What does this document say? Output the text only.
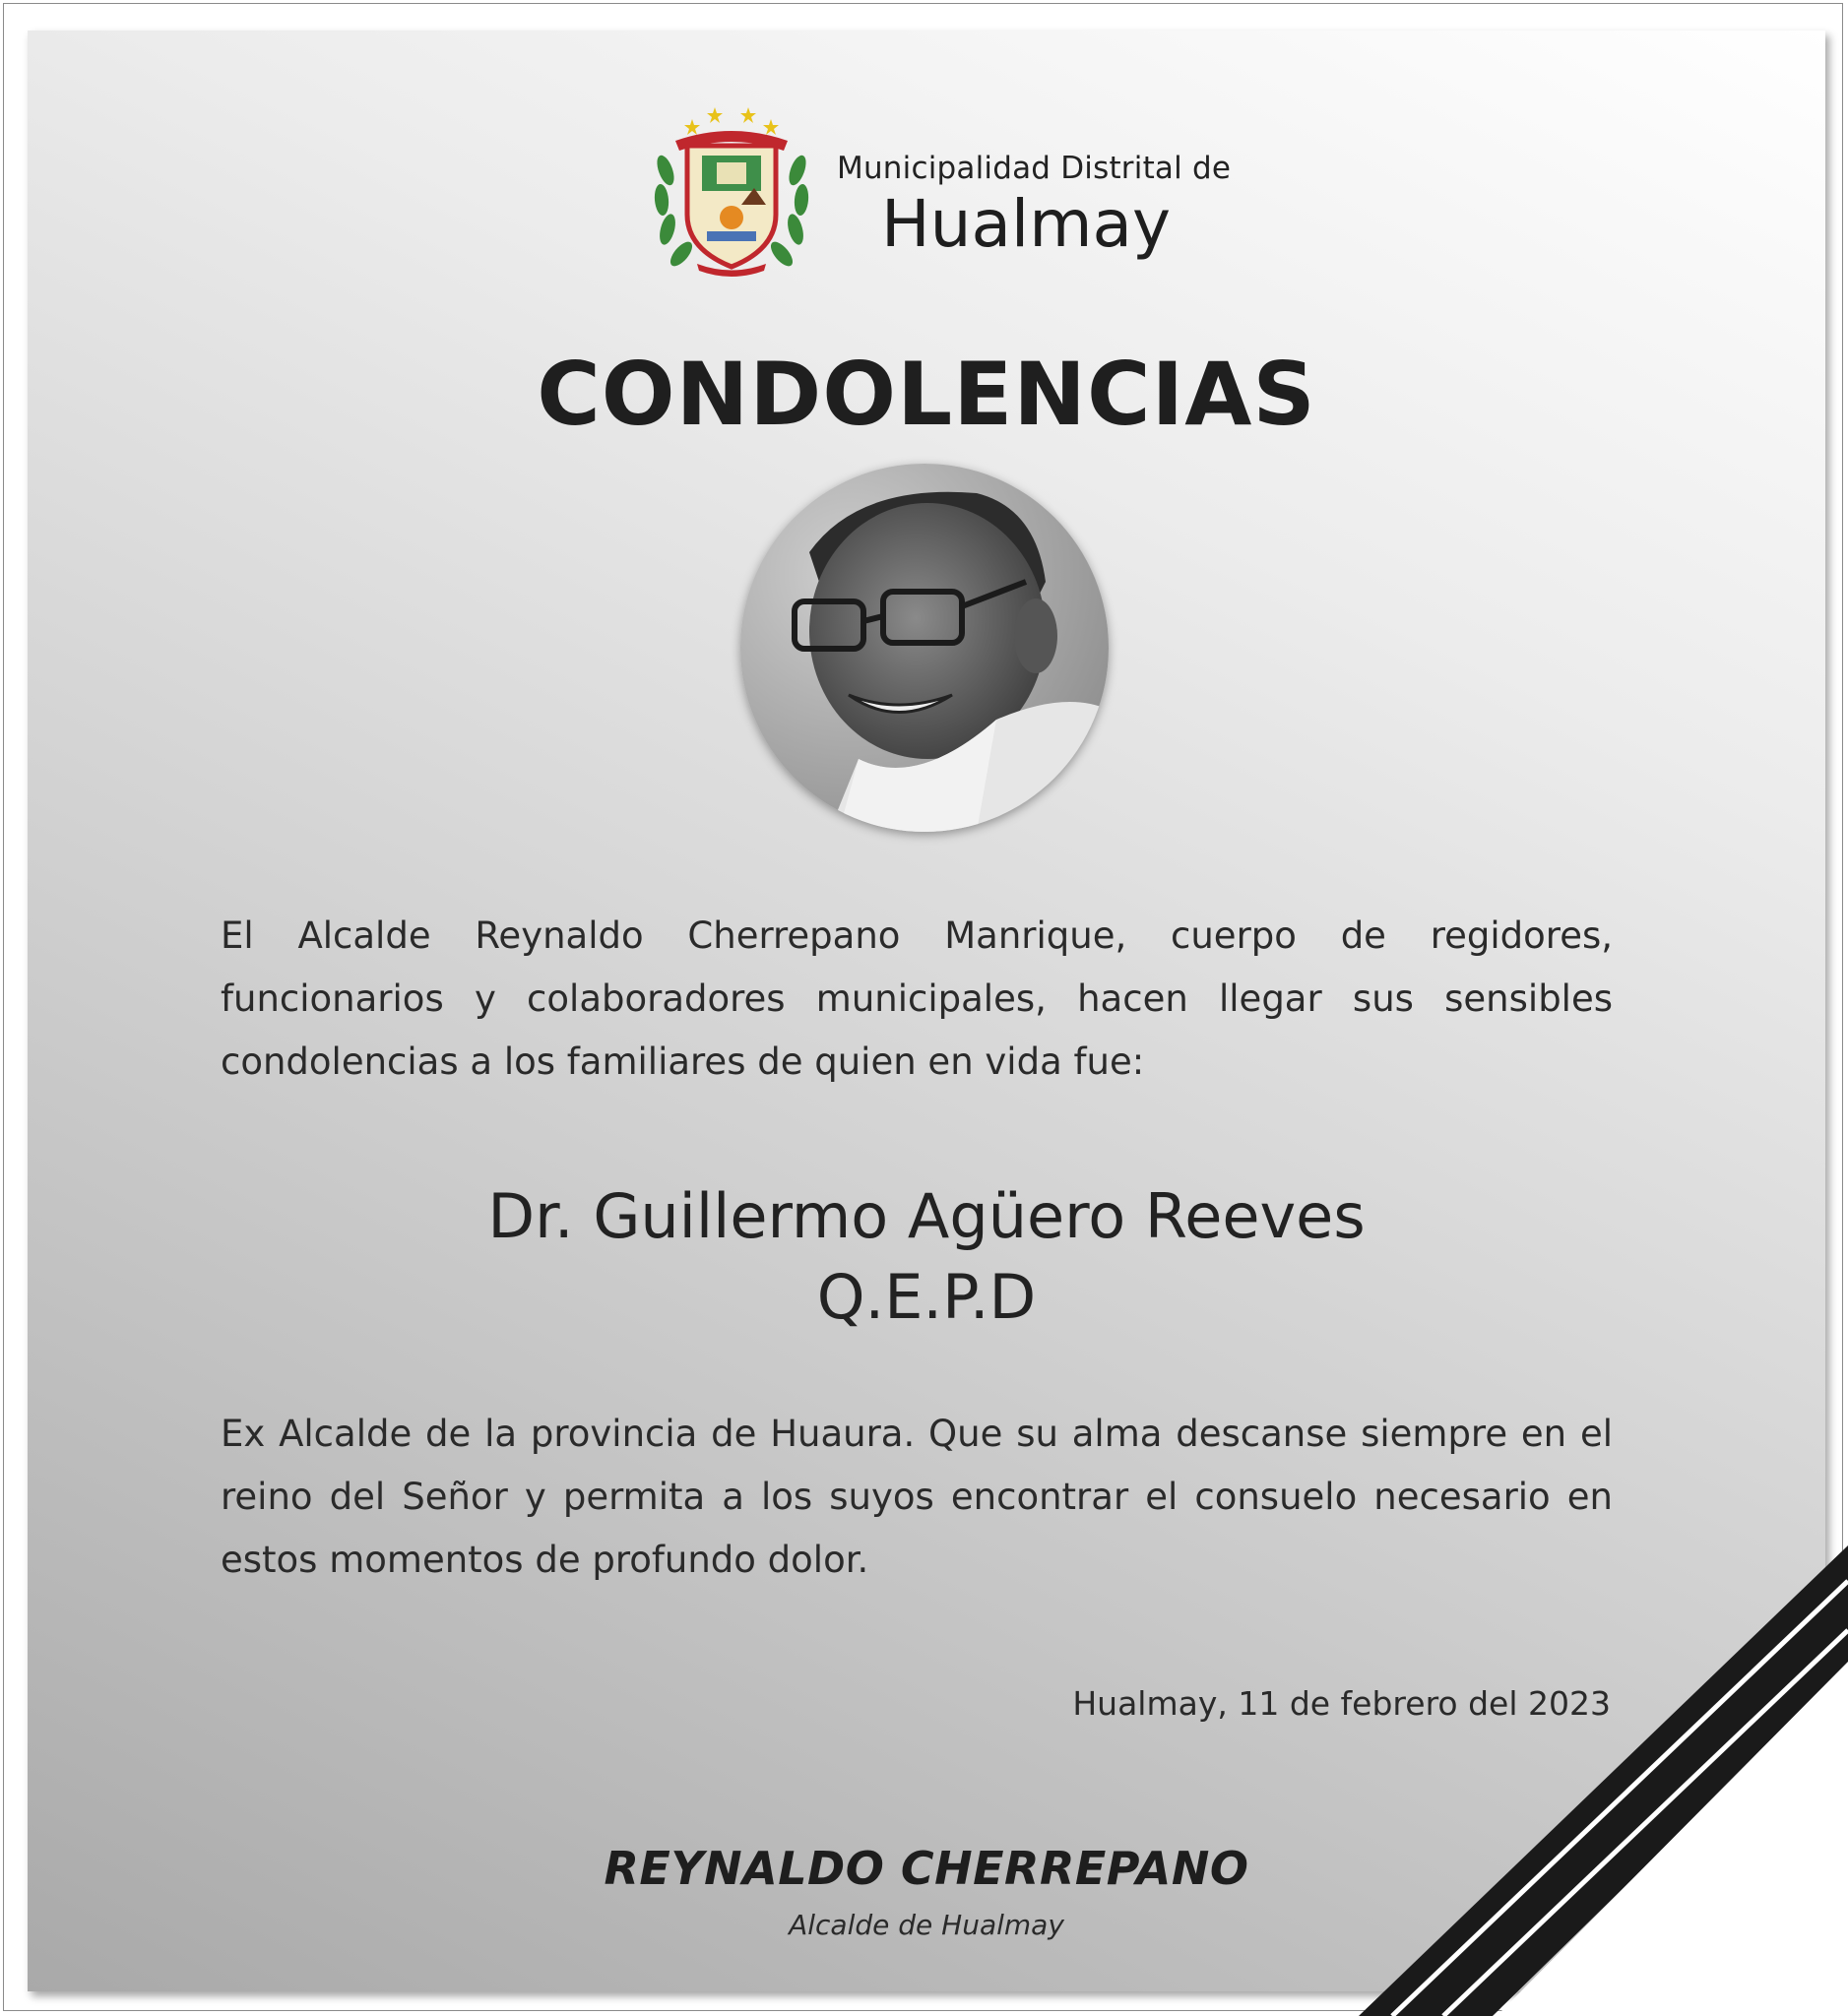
Municipalidad Distrital de
Hualmay
CONDOLENCIAS
El Alcalde Reynaldo Cherrepano Manrique, cuerpo de regidores, funcionarios y colaboradores municipales, hacen llegar sus sensibles condolencias a los familiares de quien en vida fue:
Dr. Guillermo Agüero Reeves
Q.E.P.D
Ex Alcalde de la provincia de Huaura. Que su alma descanse siempre en el reino del Señor y permita a los suyos encontrar el consuelo necesario en estos momentos de profundo dolor.
Hualmay, 11 de febrero del 2023
REYNALDO CHERREPANO
Alcalde de Hualmay
